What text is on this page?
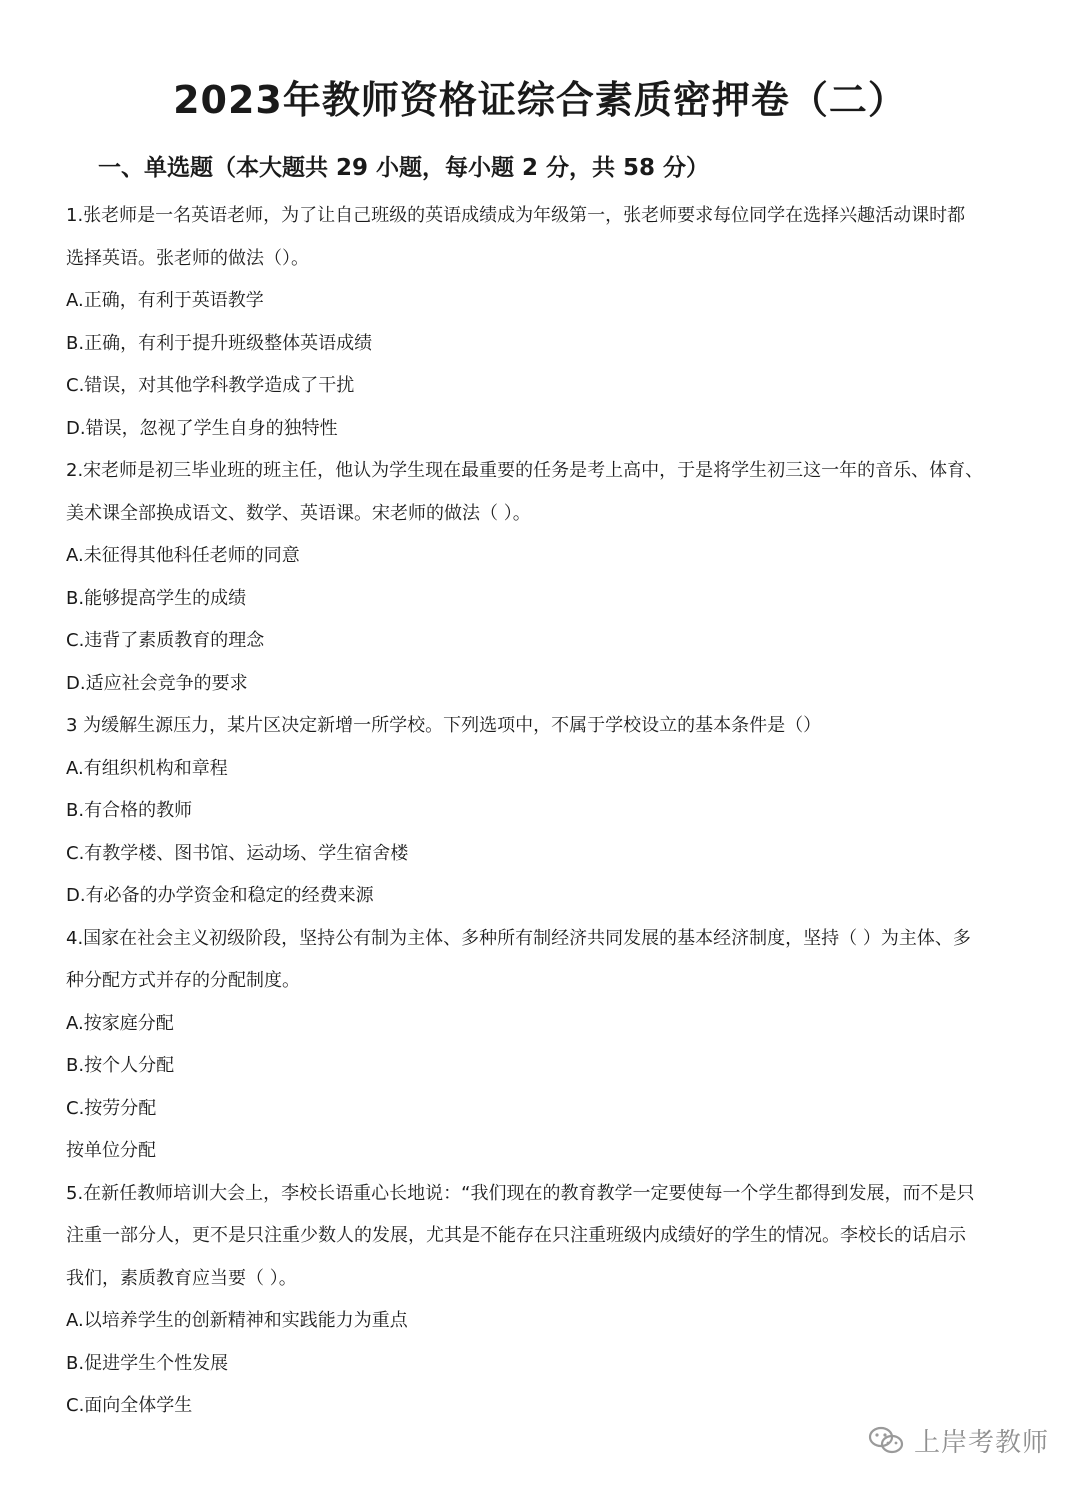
2023年教师资格证综合素质密押卷（二）
一、单选题（本大题共 29 小题，每小题 2 分，共 58 分）
1.张老师是一名英语老师，为了让自己班级的英语成绩成为年级第一，张老师要求每位同学在选择兴趣活动课时都
选择英语。张老师的做法（）。
A.正确，有利于英语教学
B.正确，有利于提升班级整体英语成绩
C.错误，对其他学科教学造成了干扰
D.错误，忽视了学生自身的独特性
2.宋老师是初三毕业班的班主任，他认为学生现在最重要的任务是考上高中，于是将学生初三这一年的音乐、体育、
美术课全部换成语文、数学、英语课。宋老师的做法（ ）。
A.未征得其他科任老师的同意
B.能够提高学生的成绩
C.违背了素质教育的理念
D.适应社会竞争的要求
3 为缓解生源压力，某片区决定新增一所学校。下列选项中，不属于学校设立的基本条件是（）
A.有组织机构和章程
B.有合格的教师
C.有教学楼、图书馆、运动场、学生宿舍楼
D.有必备的办学资金和稳定的经费来源
4.国家在社会主义初级阶段，坚持公有制为主体、多种所有制经济共同发展的基本经济制度，坚持（ ）为主体、多
种分配方式并存的分配制度。
A.按家庭分配
B.按个人分配
C.按劳分配
按单位分配
5.在新任教师培训大会上，李校长语重心长地说：“我们现在的教育教学一定要使每一个学生都得到发展，而不是只
注重一部分人，更不是只注重少数人的发展，尤其是不能存在只注重班级内成绩好的学生的情况。李校长的话启示
我们，素质教育应当要（ ）。
A.以培养学生的创新精神和实践能力为重点
B.促进学生个性发展
C.面向全体学生
上岸考教师
